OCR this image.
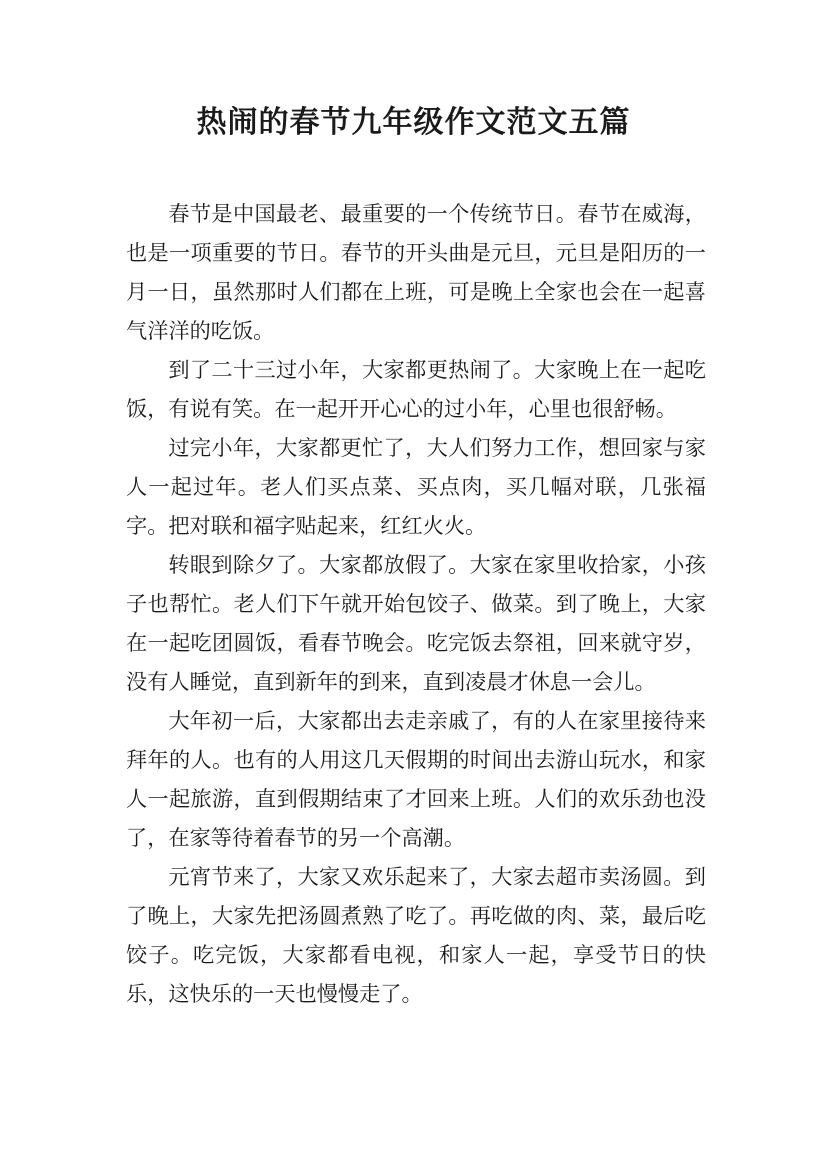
热闹的春节九年级作文范文五篇

春节是中国最老、最重要的一个传统节日。春节在威海，也是一项重要的节日。春节的开头曲是元旦，元旦是阳历的一月一日，虽然那时人们都在上班，可是晚上全家也会在一起喜气洋洋的吃饭。

到了二十三过小年，大家都更热闹了。大家晚上在一起吃饭，有说有笑。在一起开开心心的过小年，心里也很舒畅。

过完小年，大家都更忙了，大人们努力工作，想回家与家人一起过年。老人们买点菜、买点肉，买几幅对联，几张福字。把对联和福字贴起来，红红火火。

转眼到除夕了。大家都放假了。大家在家里收拾家，小孩子也帮忙。老人们下午就开始包饺子、做菜。到了晚上，大家在一起吃团圆饭，看春节晚会。吃完饭去祭祖，回来就守岁，没有人睡觉，直到新年的到来，直到凌晨才休息一会儿。

大年初一后，大家都出去走亲戚了，有的人在家里接待来拜年的人。也有的人用这几天假期的时间出去游山玩水，和家人一起旅游，直到假期结束了才回来上班。人们的欢乐劲也没了，在家等待着春节的另一个高潮。

元宵节来了，大家又欢乐起来了，大家去超市卖汤圆。到了晚上，大家先把汤圆煮熟了吃了。再吃做的肉、菜，最后吃饺子。吃完饭，大家都看电视，和家人一起，享受节日的快乐，这快乐的一天也慢慢走了。
